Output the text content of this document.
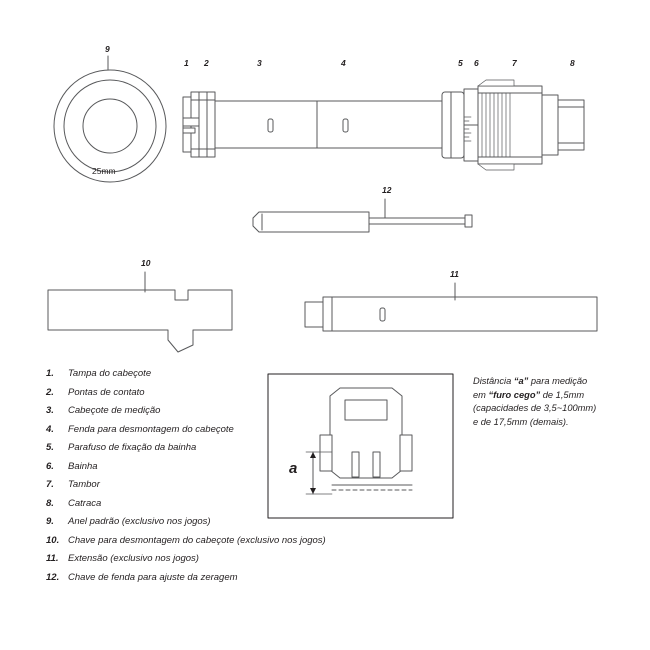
1 2	3	4	5 6	7	8
9
10
11
12
25mm
a
1.	Tampa do cabeçote
2.	Pontas de contato
3.	Cabeçote de medição
4.	Fenda para desmontagem do cabeçote
5.	Parafuso de fixação da bainha
6.	Bainha
7.	Tambor
8.	Catraca
9.	Anel padrão (exclusivo nos jogos)
10. Chave para desmontagem do cabeçote (exclusivo nos jogos)
11. Extensão (exclusivo nos jogos)
12. Chave de fenda para ajuste da zeragem
Distância “a” para medição
em “furo cego” de 1,5mm
(capacidades de 3,5~100mm)
e de 17,5mm (demais).
